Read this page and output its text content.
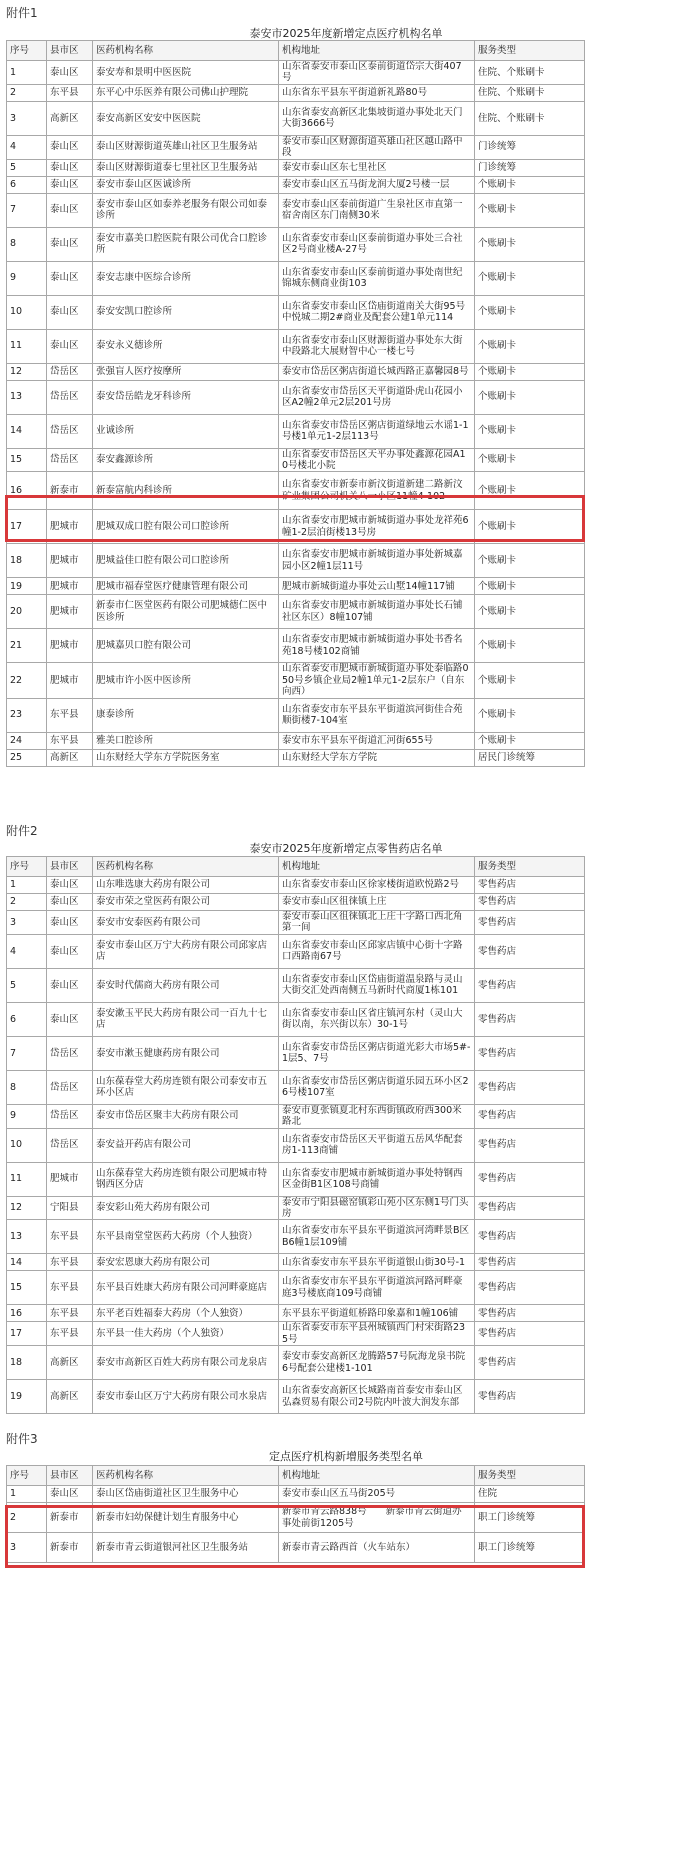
附件1
泰安市2025年度新增定点医疗机构名单
序号	县市区	医药机构名称	机构地址	服务类型
1	泰山区	泰安寿和景明中医医院	山东省泰安市泰山区泰前街道岱宗大街407号	住院、个账刷卡
2	东平县	东平心中乐医养有限公司佛山护理院	山东省东平县东平街道新礼路80号	住院、个账刷卡
3	高新区	泰安高新区安安中医医院	山东省泰安高新区北集坡街道办事处北天门大街3666号	住院、个账刷卡
4	泰山区	泰山区财源街道英雄山社区卫生服务站	泰安市泰山区财源街道英雄山社区越山路中段	门诊统筹
5	泰山区	泰山区财源街道泰七里社区卫生服务站	泰安市泰山区东七里社区	门诊统筹
6	泰山区	泰安市泰山区医诚诊所	泰安市泰山区五马街龙润大厦2号楼一层	个账刷卡
7	泰山区	泰安市泰山区如泰养老服务有限公司如泰诊所	泰安市泰山区泰前街道广生泉社区市直第一宿舍南区东门南侧30米	个账刷卡
8	泰山区	泰安市嘉美口腔医院有限公司优合口腔诊所	山东省泰安市泰山区泰前街道办事处三合社区2号商业楼A-27号	个账刷卡
9	泰山区	泰安志康中医综合诊所	山东省泰安市泰山区泰前街道办事处南世纪锦城东侧商业街103	个账刷卡
10	泰山区	泰安安凯口腔诊所	山东省泰安市泰山区岱庙街道南关大街95号中悦城二期2#商业及配套公建1单元114	个账刷卡
11	泰山区	泰安永义德诊所	山东省泰安市泰山区财源街道办事处东大街中段路北大展财智中心一楼七号	个账刷卡
12	岱岳区	张强盲人医疗按摩所	泰安市岱岳区粥店街道长城西路正嘉馨园8号	个账刷卡
13	岱岳区	泰安岱岳皓龙牙科诊所	山东省泰安市岱岳区天平街道卧虎山花园小区A2幢2单元2层201号房	个账刷卡
14	岱岳区	业诚诊所	山东省泰安市岱岳区粥店街道绿地云水谣1-1号楼1单元1-2层113号	个账刷卡
15	岱岳区	泰安鑫源诊所	山东省泰安市岱岳区天平办事处鑫源花园A10号楼北小院	个账刷卡
16	新泰市	新泰富航内科诊所	山东省泰安市新泰市新汶街道新建二路新汶矿业集团公司机关八一小区11幢4-102	个账刷卡
17	肥城市	肥城双成口腔有限公司口腔诊所	山东省泰安市肥城市新城街道办事处龙祥苑6幢1-2层泊街楼13号房	个账刷卡
18	肥城市	肥城益佳口腔有限公司口腔诊所	山东省泰安市肥城市新城街道办事处新城嘉园小区2幢1层11号	个账刷卡
19	肥城市	肥城市福春堂医疗健康管理有限公司	肥城市新城街道办事处云山墅14幢117铺	个账刷卡
20	肥城市	新泰市仁医堂医药有限公司肥城德仁医中医诊所	山东省泰安市肥城市新城街道办事处长石铺社区东区）8幢107铺	个账刷卡
21	肥城市	肥城嘉贝口腔有限公司	山东省泰安市肥城市新城街道办事处书香名苑18号楼102商铺	个账刷卡
22	肥城市	肥城市许小医中医诊所	山东省泰安市肥城市新城街道办事处泰临路050号乡镇企业局2幢1单元1-2层东户（自东向西）	个账刷卡
23	东平县	康泰诊所	山东省泰安市东平县东平街道滨河街佳合苑顺街楼7-104室	个账刷卡
24	东平县	雅美口腔诊所	泰安市东平县东平街道汇河街655号	个账刷卡
25	高新区	山东财经大学东方学院医务室	山东财经大学东方学院	居民门诊统筹
附件2
泰安市2025年度新增定点零售药店名单
序号	县市区	医药机构名称	机构地址	服务类型
1	泰山区	山东唯选康大药房有限公司	山东省泰安市泰山区徐家楼街道欧悦路2号	零售药店
2	泰山区	泰安市荣之堂医药有限公司	泰安市泰山区徂徕镇上庄	零售药店
3	泰山区	泰安市安泰医药有限公司	泰安市泰山区徂徕镇北上庄十字路口西北角第一间	零售药店
4	泰山区	泰安市泰山区万宁大药房有限公司邱家店店	山东省泰安市泰山区邱家店镇中心街十字路口西路南67号	零售药店
5	泰山区	泰安时代儒商大药房有限公司	山东省泰安市泰山区岱庙街道温泉路与灵山大街交汇处西南侧五马新时代商厦1栋101	零售药店
6	泰山区	泰安漱玉平民大药房有限公司一百九十七店	山东省泰安市泰山区省庄镇河东村（灵山大街以南，东兴街以东）30-1号	零售药店
7	岱岳区	泰安市漱玉健康药房有限公司	山东省泰安市岱岳区粥店街道光彩大市场5#-1层5、7号	零售药店
8	岱岳区	山东葆春堂大药房连锁有限公司泰安市五环小区店	山东省泰安市岱岳区粥店街道乐园五环小区26号楼107室	零售药店
9	岱岳区	泰安市岱岳区聚丰大药房有限公司	泰安市夏张镇夏北村东西街镇政府西300米路北	零售药店
10	岱岳区	泰安益开药店有限公司	山东省泰安市岱岳区天平街道五岳风华配套房1-113商铺	零售药店
11	肥城市	山东葆春堂大药房连锁有限公司肥城市特钢西区分店	山东省泰安市肥城市新城街道办事处特钢西区金街B1区108号商铺	零售药店
12	宁阳县	泰安彩山苑大药房有限公司	泰安市宁阳县磁窑镇彩山苑小区东侧1号门头房	零售药店
13	东平县	东平县南堂堂医药大药房（个人独资）	山东省泰安市东平县东平街道滨河湾畔景B区B6幢1层109铺	零售药店
14	东平县	泰安宏恩康大药房有限公司	山东省泰安市东平县东平街道银山街30号-1	零售药店
15	东平县	东平县百姓康大药房有限公司河畔豪庭店	山东省泰安市东平县东平街道滨河路河畔豪庭3号楼底商109号商铺	零售药店
16	东平县	东平老百姓福泰大药房（个人独资）	东平县东平街道虹桥路印象嘉和1幢106铺	零售药店
17	东平县	东平县一佳大药房（个人独资）	山东省泰安市东平县州城镇西门村宋街路235号	零售药店
18	高新区	泰安市高新区百姓大药房有限公司龙泉店	泰安市泰安高新区龙腾路57号阮海龙泉书院6号配套公建楼1-101	零售药店
19	高新区	泰安市泰山区万宁大药房有限公司水泉店	山东省泰安高新区长城路南首泰安市泰山区弘森贸易有限公司2号院内叶波大润发东部	零售药店
附件3
定点医疗机构新增服务类型名单
序号	县市区	医药机构名称	机构地址	服务类型
1	泰山区	泰山区岱庙街道社区卫生服务中心	泰安市泰山区五马街205号	住院
2	新泰市	新泰市妇幼保健计划生育服务中心	新泰市青云路838号　　新泰市青云街道办事处前街1205号	职工门诊统筹
3	新泰市	新泰市青云街道银河社区卫生服务站	新泰市青云路西首（火车站东）	职工门诊统筹
